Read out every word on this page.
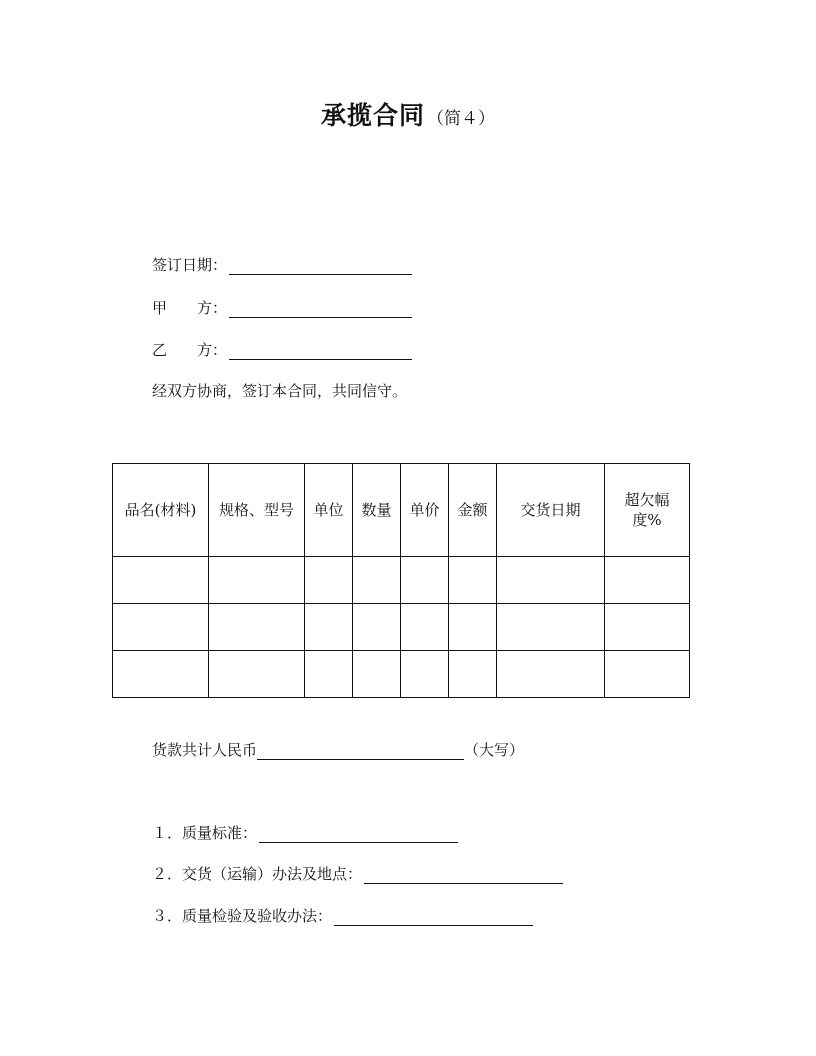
承揽合同 （简４）
签订日期：
甲　　方：
乙　　方：
经双方协商，签订本合同，共同信守。
品名(材料)	规格、型号	单位	数量	单价	金额	交货日期	超欠幅度%

货款共计人民币	（大写）
１．质量标准：
２．交货（运输）办法及地点：
３．质量检验及验收办法：
